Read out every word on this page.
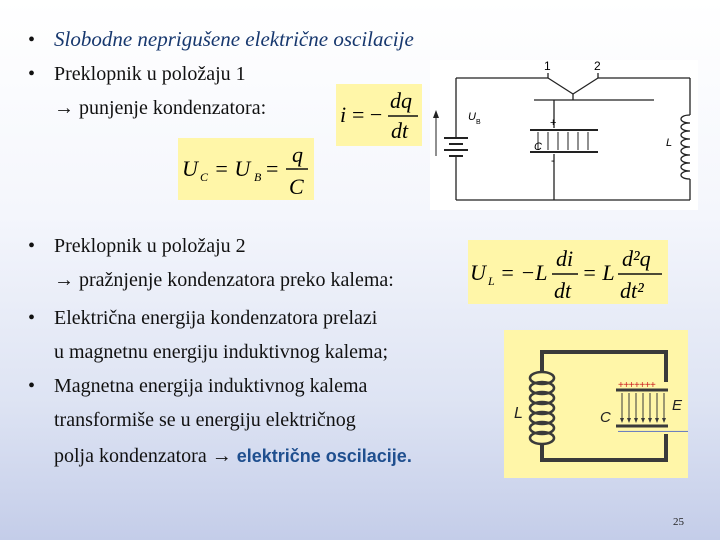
• Slobodne neprigušene električne oscilacije
• Preklopnik u položaju 1
→ punjenje kondenzatora:
• Preklopnik u položaju 2
→ pražnjenje kondenzatora preko kalema:
• Električna energija kondenzatora prelazi
u magnetnu energiju induktivnog kalema;
• Magnetna energija induktivnog kalema
transformiše se u energiju električnog
polja kondenzatora → električne oscilacije.
i = −
dq
dt
U C = U B =
q
C
U L = −L
di
dt
= L
d²q
dt²
1	2
U B	+
-
C	L
L
+++++++
———————
C
E
25
